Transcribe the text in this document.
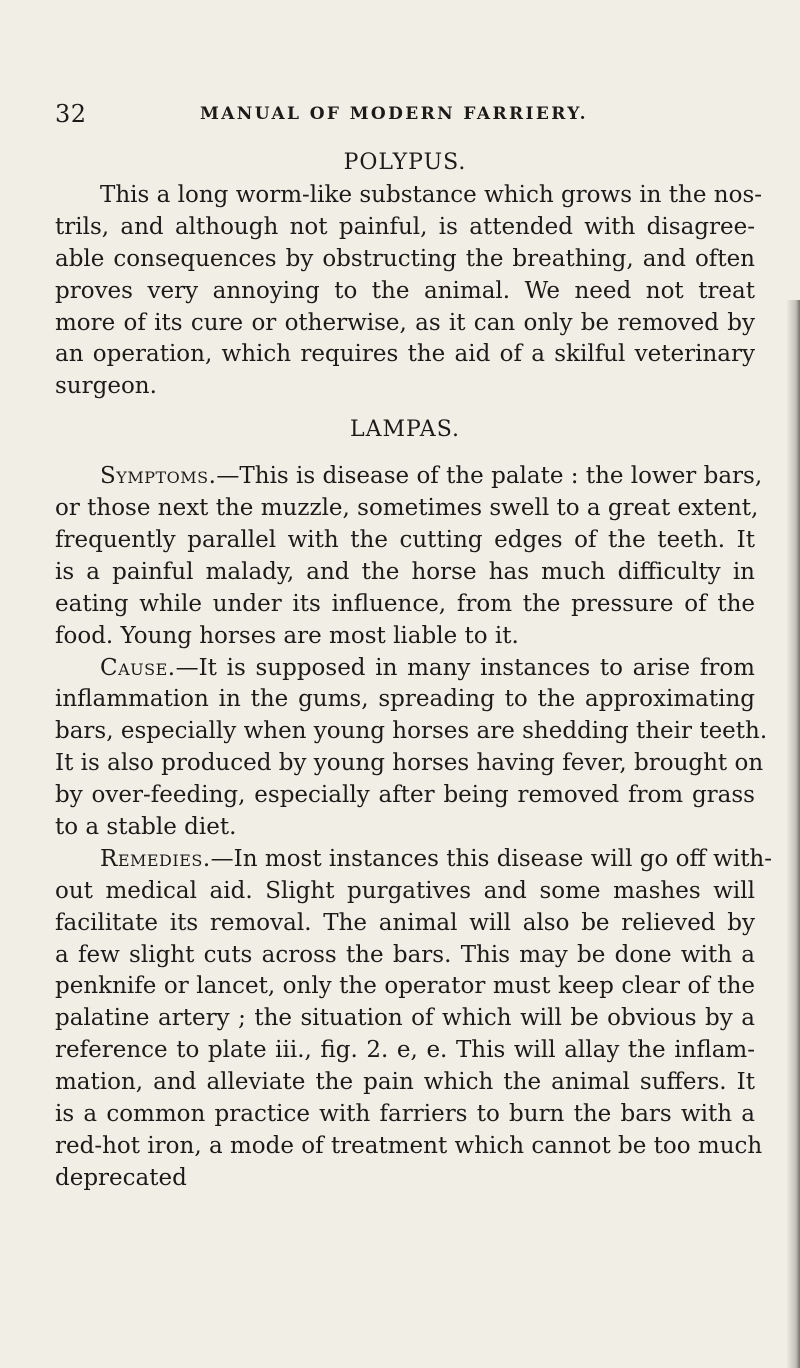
32	MANUAL OF MODERN FARRIERY.
POLYPUS.
This a long worm-like substance which grows in the nos-
trils, and although not painful, is attended with disagree-
able consequences by obstructing the breathing, and often
proves very annoying to the animal. We need not treat
more of its cure or otherwise, as it can only be removed by
an operation, which requires the aid of a skilful veterinary
surgeon.
LAMPAS.
Symptoms.—This is disease of the palate : the lower bars,
or those next the muzzle, sometimes swell to a great extent,
frequently parallel with the cutting edges of the teeth. It
is a painful malady, and the horse has much difficulty in
eating while under its influence, from the pressure of the
food. Young horses are most liable to it.
Cause.—It is supposed in many instances to arise from
inflammation in the gums, spreading to the approximating
bars, especially when young horses are shedding their teeth.
It is also produced by young horses having fever, brought on
by over-feeding, especially after being removed from grass
to a stable diet.
Remedies.—In most instances this disease will go off with-
out medical aid. Slight purgatives and some mashes will
facilitate its removal. The animal will also be relieved by
a few slight cuts across the bars. This may be done with a
penknife or lancet, only the operator must keep clear of the
palatine artery ; the situation of which will be obvious by a
reference to plate iii., fig. 2. e, e. This will allay the inflam-
mation, and alleviate the pain which the animal suffers. It
is a common practice with farriers to burn the bars with a
red-hot iron, a mode of treatment which cannot be too much
deprecated
